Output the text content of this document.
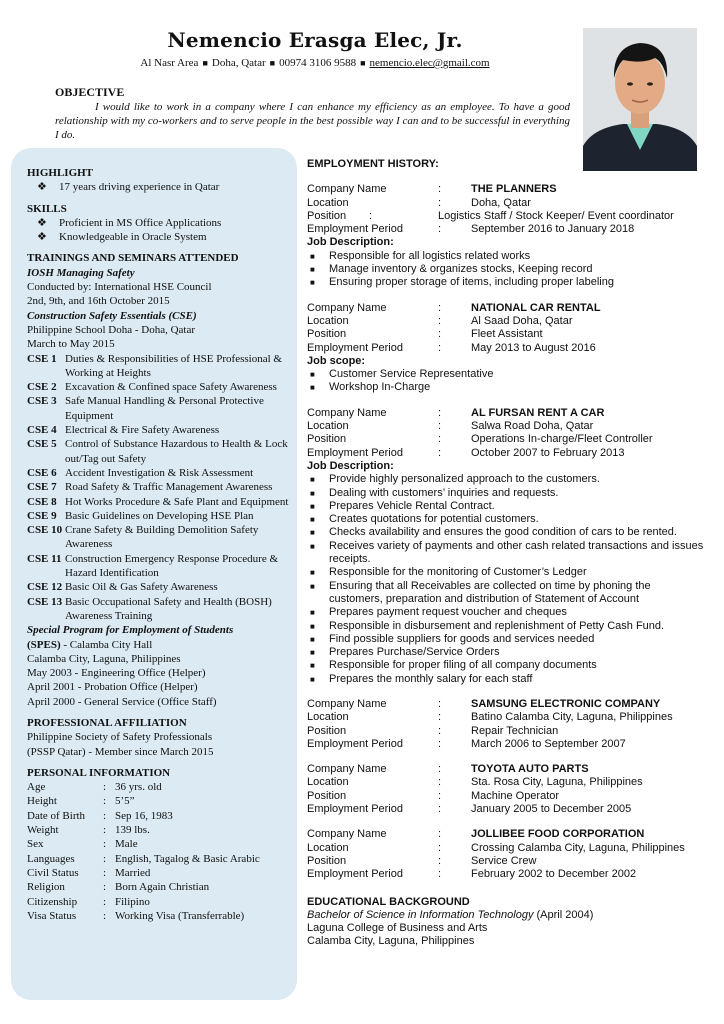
Nemencio Erasga Elec, Jr.
Al Nasr Area ■ Doha, Qatar ■ 00974 3106 9588 ■ nemencio.elec@gmail.com
OBJECTIVE
I would like to work in a company where I can enhance my efficiency as an employee. To have a good relationship with my co-workers and to serve people in the best possible way I can and to be successful in everything I do.
HIGHLIGHT
❖	17 years driving experience in Qatar
SKILLS
❖	Proficient in MS Office Applications
❖	Knowledgeable in Oracle System
TRAININGS AND SEMINARS ATTENDED
IOSH Managing Safety
Conducted by: International HSE Council
2nd, 9th, and 16th October 2015
Construction Safety Essentials (CSE)
Philippine School Doha - Doha, Qatar
March to May 2015
CSE 1 Duties & Responsibilities of HSE Professional & Working at Heights
CSE 2 Excavation & Confined space Safety Awareness
CSE 3 Safe Manual Handling & Personal Protective Equipment
CSE 4 Electrical & Fire Safety Awareness
CSE 5 Control of Substance Hazardous to Health & Lock out/Tag out Safety
CSE 6 Accident Investigation & Risk Assessment
CSE 7 Road Safety & Traffic Management Awareness
CSE 8 Hot Works Procedure & Safe Plant and Equipment
CSE 9 Basic Guidelines on Developing HSE Plan
CSE 10 Crane Safety & Building Demolition Safety Awareness
CSE 11 Construction Emergency Response Procedure & Hazard Identification
CSE 12 Basic Oil & Gas Safety Awareness
CSE 13 Basic Occupational Safety and Health (BOSH) Awareness Training
Special Program for Employment of Students
(SPES) - Calamba City Hall
Calamba City, Laguna, Philippines
May 2003 - Engineering Office (Helper)
April 2001 - Probation Office (Helper)
April 2000 - General Service (Office Staff)
PROFESSIONAL AFFILIATION
Philippine Society of Safety Professionals
(PSSP Qatar) - Member since March 2015
PERSONAL INFORMATION
Age	: 36 yrs. old
Height	: 5’5”
Date of Birth	: Sep 16, 1983
Weight	: 139 lbs.
Sex	: Male
Languages	: English, Tagalog & Basic Arabic
Civil Status	: Married
Religion	: Born Again Christian
Citizenship	: Filipino
Visa Status	: Working Visa (Transferrable)
EMPLOYMENT HISTORY:
Company Name	:	THE PLANNERS
Location	:	Doha, Qatar
Position	:	Logistics Staff / Stock Keeper/ Event coordinator
Employment Period	:	September 2016 to January 2018
Job Description:
■	Responsible for all logistics related works
■	Manage inventory & organizes stocks, Keeping record
■	Ensuring proper storage of items, including proper labeling
Company Name	:	NATIONAL CAR RENTAL
Location	:	Al Saad Doha, Qatar
Position	:	Fleet Assistant
Employment Period	:	May 2013 to August 2016
Job scope:
■	Customer Service Representative
■	Workshop In-Charge
Company Name	:	AL FURSAN RENT A CAR
Location	:	Salwa Road Doha, Qatar
Position	:	Operations In-charge/Fleet Controller
Employment Period	:	October 2007 to February 2013
Job Description:
■	Provide highly personalized approach to the customers.
■	Dealing with customers’ inquiries and requests.
■	Prepares Vehicle Rental Contract.
■	Creates quotations for potential customers.
■	Checks availability and ensures the good condition of cars to be rented.
■	Receives variety of payments and other cash related transactions and issues receipts.
■	Responsible for the monitoring of Customer’s Ledger
■	Ensuring that all Receivables are collected on time by phoning the customers, preparation and distribution of Statement of Account
■	Prepares payment request voucher and cheques
■	Responsible in disbursement and replenishment of Petty Cash Fund.
■	Find possible suppliers for goods and services needed
■	Prepares Purchase/Service Orders
■	Responsible for proper filing of all company documents
■	Prepares the monthly salary for each staff
Company Name	:	SAMSUNG ELECTRONIC COMPANY
Location	:	Batino Calamba City, Laguna, Philippines
Position	:	Repair Technician
Employment Period	:	March 2006 to September 2007
Company Name	:	TOYOTA AUTO PARTS
Location	:	Sta. Rosa City, Laguna, Philippines
Position	:	Machine Operator
Employment Period	:	January 2005 to December 2005
Company Name	:	JOLLIBEE FOOD CORPORATION
Location	:	Crossing Calamba City, Laguna, Philippines
Position	:	Service Crew
Employment Period	:	February 2002 to December 2002
EDUCATIONAL BACKGROUND
Bachelor of Science in Information Technology (April 2004)
Laguna College of Business and Arts
Calamba City, Laguna, Philippines
